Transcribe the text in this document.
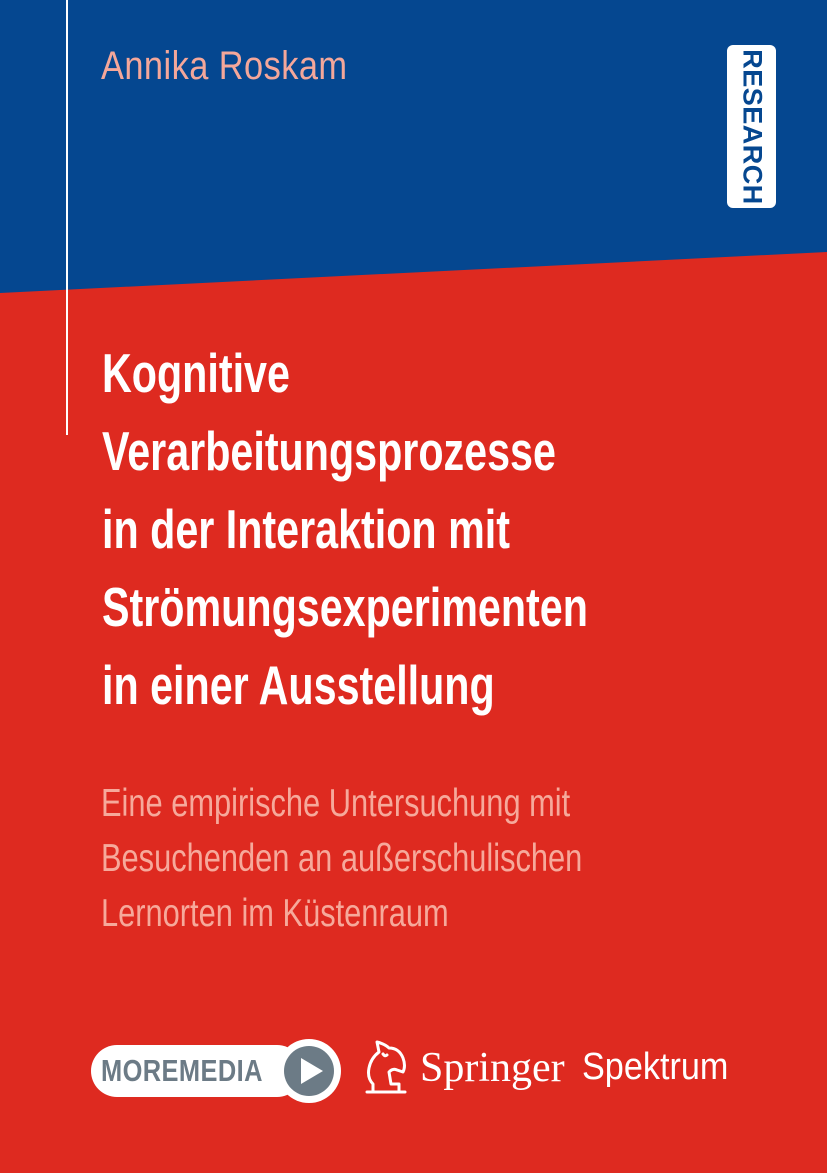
Annika Roskam	RESEARCH
Kognitive
Verarbeitungsprozesse
in der Interaktion mit
Strömungsexperimenten
in einer Ausstellung
Eine empirische Untersuchung mit
Besuchenden an außerschulischen
Lernorten im Küstenraum
MOREMEDIA	Springer Spektrum
